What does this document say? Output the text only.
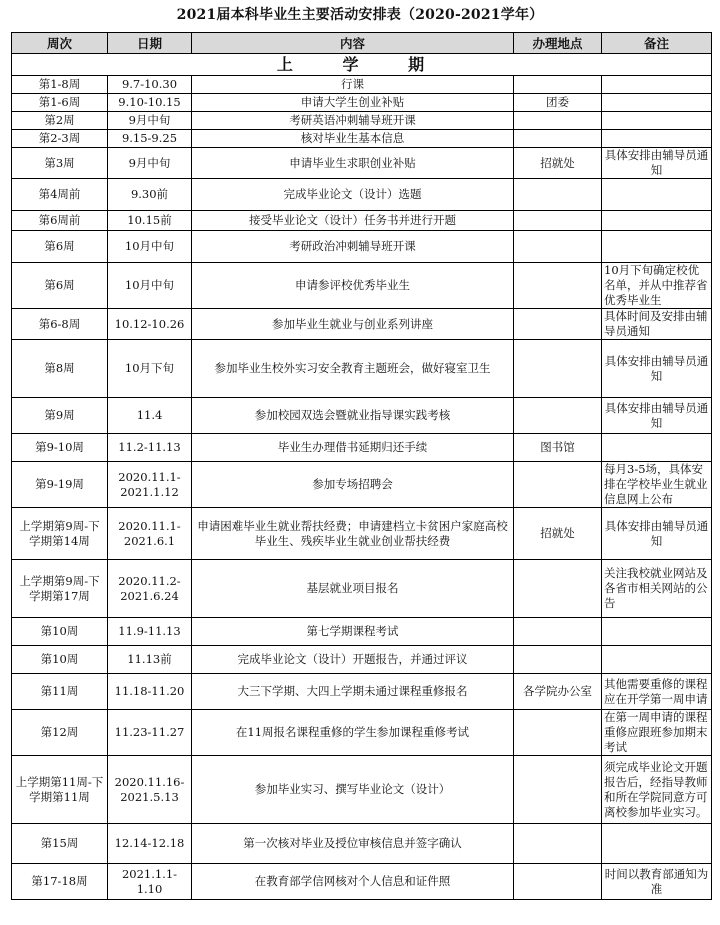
2021届本科毕业生主要活动安排表（2020-2021学年）
周次	日期	内容	办理地点	备注
上 学 期				
第1-8周	9.7-10.30	行课		
第1-6周	9.10-10.15	申请大学生创业补贴	团委	
第2周	9月中旬	考研英语冲刺辅导班开课		
第2-3周	9.15-9.25	核对毕业生基本信息		
第3周	9月中旬	申请毕业生求职创业补贴	招就处	具体安排由辅导员通知
第4周前	9.30前	完成毕业论文（设计）选题		
第6周前	10.15前	接受毕业论文（设计）任务书并进行开题		
第6周	10月中旬	考研政治冲刺辅导班开课		
第6周	10月中旬	申请参评校优秀毕业生		10月下旬确定校优名单，并从中推荐省优秀毕业生
第6-8周	10.12-10.26	参加毕业生就业与创业系列讲座		具体时间及安排由辅导员通知
第8周	10月下旬	参加毕业生校外实习安全教育主题班会，做好寝室卫生		具体安排由辅导员通知
第9周	11.4	参加校园双选会暨就业指导课实践考核		具体安排由辅导员通知
第9-10周	11.2-11.13	毕业生办理借书延期归还手续	图书馆	
第9-19周	2020.11.1-2021.1.12	参加专场招聘会		每月3-5场，具体安排在学校毕业生就业信息网上公布
上学期第9周-下学期第14周	2020.11.1-2021.6.1	申请困难毕业生就业帮扶经费；申请建档立卡贫困户家庭高校毕业生、残疾毕业生就业创业帮扶经费	招就处	具体安排由辅导员通知
上学期第9周-下学期第17周	2020.11.2-2021.6.24	基层就业项目报名		关注我校就业网站及各省市相关网站的公告
第10周	11.9-11.13	第七学期课程考试		
第10周	11.13前	完成毕业论文（设计）开题报告，并通过评议		
第11周	11.18-11.20	大三下学期、大四上学期未通过课程重修报名	各学院办公室	其他需要重修的课程应在开学第一周申请
第12周	11.23-11.27	在11周报名课程重修的学生参加课程重修考试		在第一周申请的课程重修应跟班参加期末考试
上学期第11周-下学期第11周	2020.11.16-2021.5.13	参加毕业实习、撰写毕业论文（设计）		须完成毕业论文开题报告后，经指导教师和所在学院同意方可离校参加毕业实习。
第15周	12.14-12.18	第一次核对毕业及授位审核信息并签字确认		
第17-18周	2021.1.1-1.10	在教育部学信网核对个人信息和证件照		时间以教育部通知为准
